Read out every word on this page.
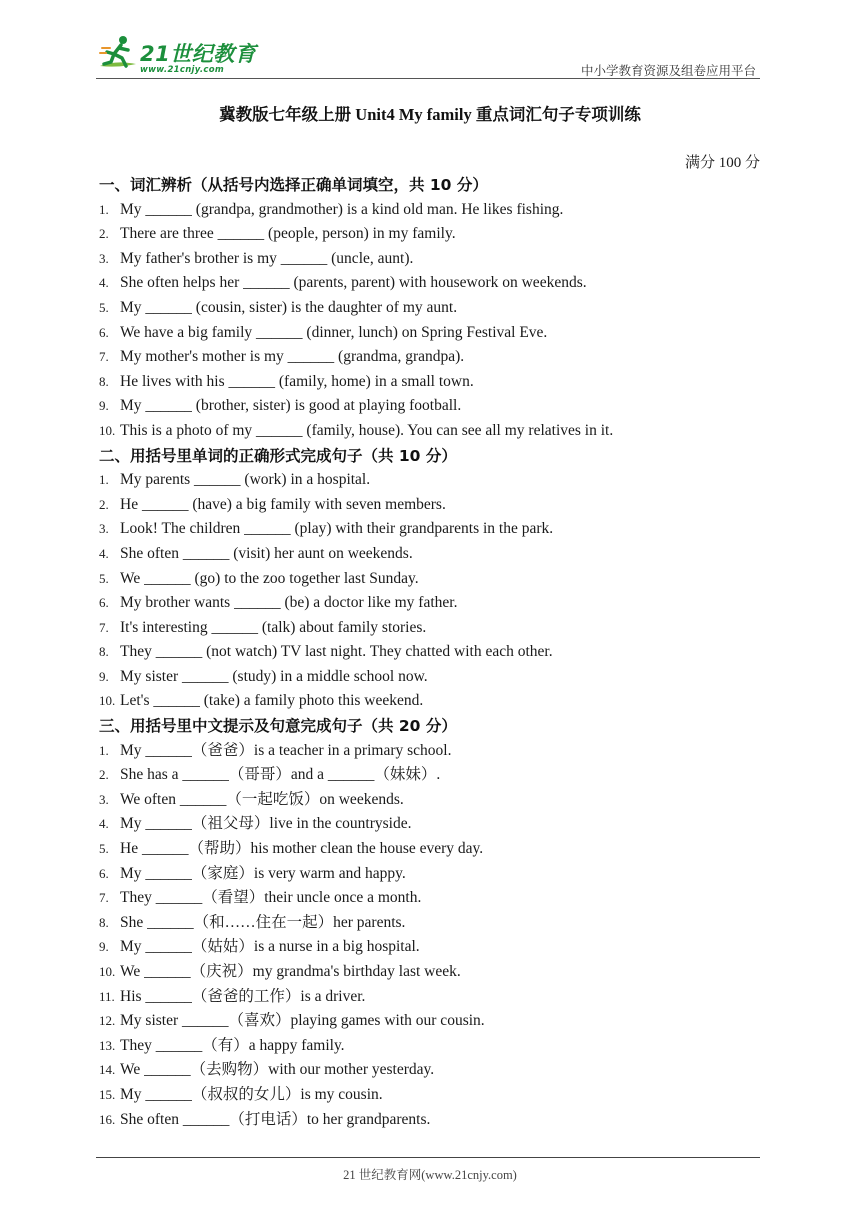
21世纪教育
www.21cnjy.com	中小学教育资源及组卷应用平台
冀教版七年级上册 Unit4 My family 重点词汇句子专项训练
满分 100 分
一、词汇辨析（从括号内选择正确单词填空，共 10 分）
1. My ______ (grandpa, grandmother) is a kind old man. He likes fishing.
2. There are three ______ (people, person) in my family.
3. My father's brother is my ______ (uncle, aunt).
4. She often helps her ______ (parents, parent) with housework on weekends.
5. My ______ (cousin, sister) is the daughter of my aunt.
6. We have a big family ______ (dinner, lunch) on Spring Festival Eve.
7. My mother's mother is my ______ (grandma, grandpa).
8. He lives with his ______ (family, home) in a small town.
9. My ______ (brother, sister) is good at playing football.
10. This is a photo of my ______ (family, house). You can see all my relatives in it.
二、用括号里单词的正确形式完成句子（共 10 分）
1. My parents ______ (work) in a hospital.
2. He ______ (have) a big family with seven members.
3. Look! The children ______ (play) with their grandparents in the park.
4. She often ______ (visit) her aunt on weekends.
5. We ______ (go) to the zoo together last Sunday.
6. My brother wants ______ (be) a doctor like my father.
7. It's interesting ______ (talk) about family stories.
8. They ______ (not watch) TV last night. They chatted with each other.
9. My sister ______ (study) in a middle school now.
10. Let's ______ (take) a family photo this weekend.
三、用括号里中文提示及句意完成句子（共 20 分）
1. My ______（爸爸）is a teacher in a primary school.
2. She has a ______（哥哥）and a ______（妹妹）.
3. We often ______（一起吃饭）on weekends.
4. My ______（祖父母）live in the countryside.
5. He ______（帮助）his mother clean the house every day.
6. My ______（家庭）is very warm and happy.
7. They ______（看望）their uncle once a month.
8. She ______（和……住在一起）her parents.
9. My ______（姑姑）is a nurse in a big hospital.
10. We ______（庆祝）my grandma's birthday last week.
11. His ______（爸爸的工作）is a driver.
12. My sister ______（喜欢）playing games with our cousin.
13. They ______（有）a happy family.
14. We ______（去购物）with our mother yesterday.
15. My ______（叔叔的女儿）is my cousin.
16. She often ______（打电话）to her grandparents.
21 世纪教育网(www.21cnjy.com)
